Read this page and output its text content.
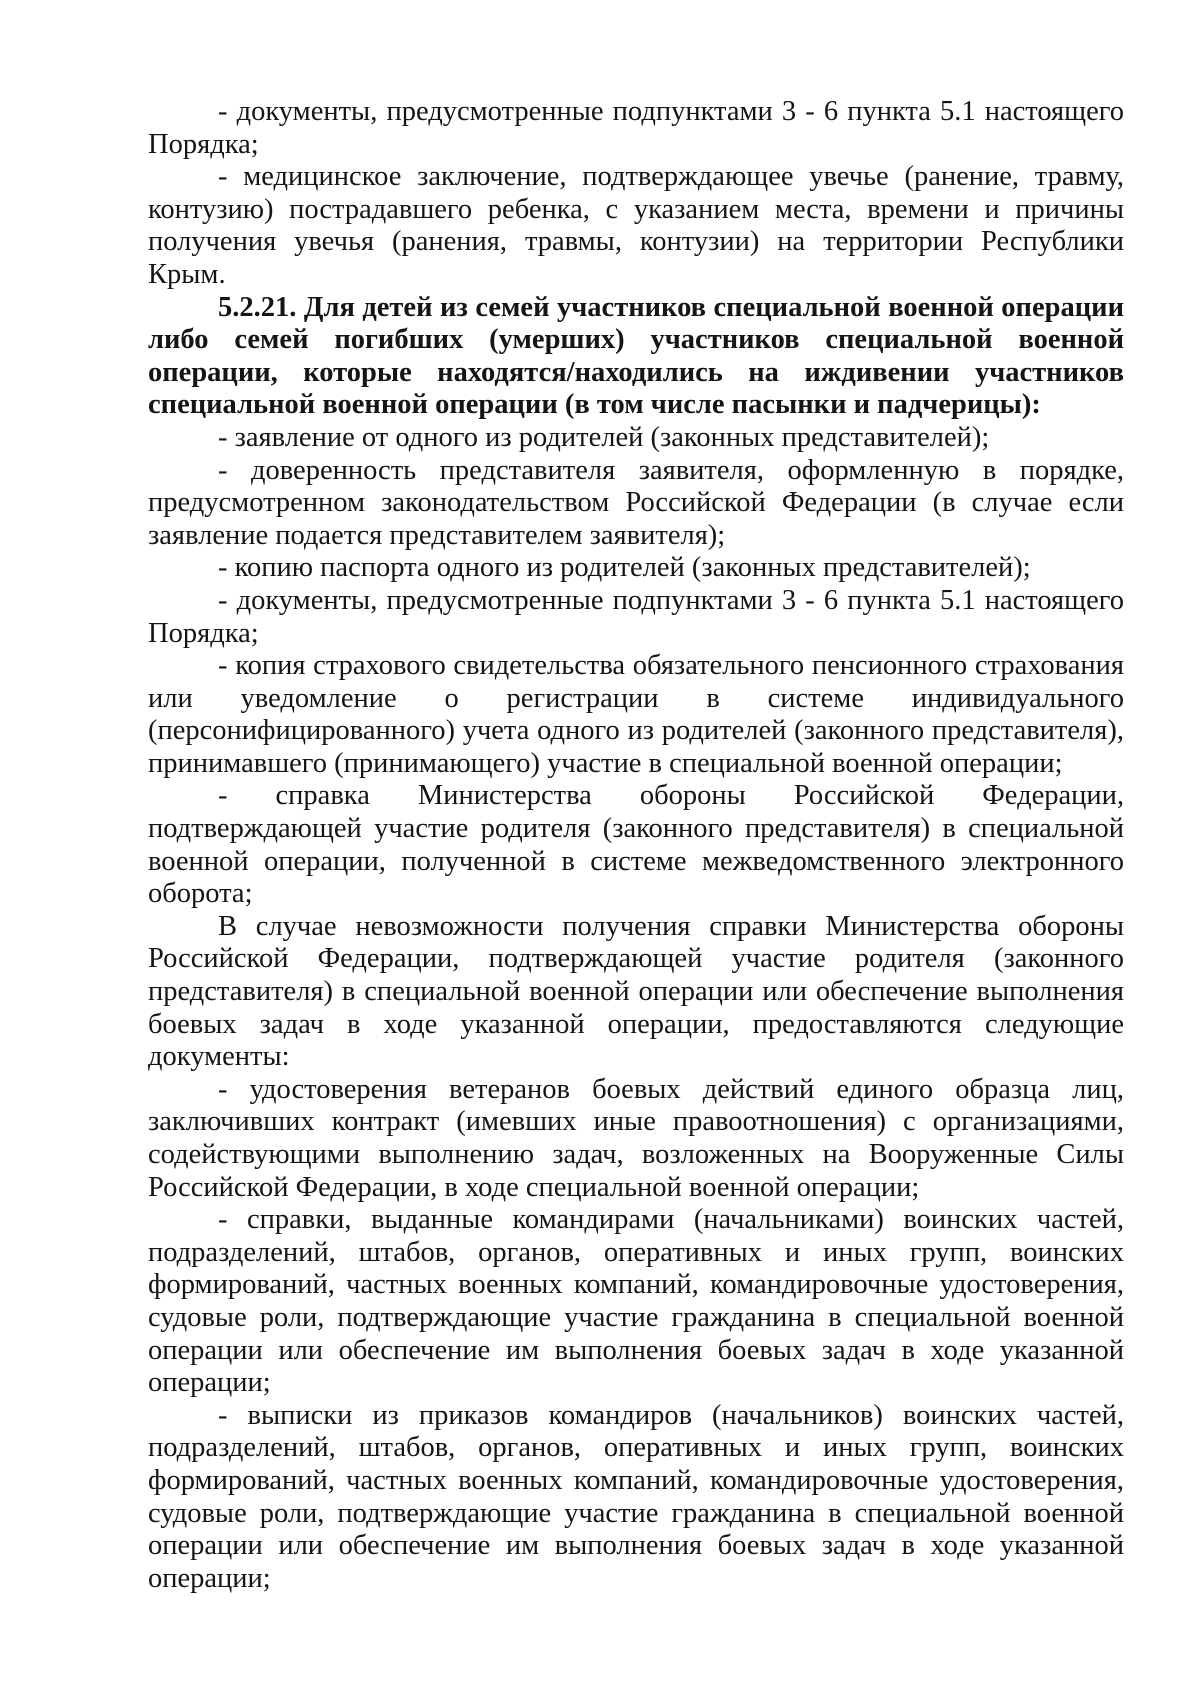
- документы, предусмотренные подпунктами 3 - 6 пункта 5.1 настоящего Порядка;

- медицинское заключение, подтверждающее увечье (ранение, травму, контузию) пострадавшего ребенка, с указанием места, времени и причины получения увечья (ранения, травмы, контузии) на территории Республики Крым.

5.2.21. Для детей из семей участников специальной военной операции либо семей погибших (умерших) участников специальной военной операции, которые находятся/находились на иждивении участников специальной военной операции (в том числе пасынки и падчерицы):

- заявление от одного из родителей (законных представителей);

- доверенность представителя заявителя, оформленную в порядке, предусмотренном законодательством Российской Федерации (в случае если заявление подается представителем заявителя);

- копию паспорта одного из родителей (законных представителей);

- документы, предусмотренные подпунктами 3 - 6 пункта 5.1 настоящего Порядка;

- копия страхового свидетельства обязательного пенсионного страхования или уведомление о регистрации в системе индивидуального (персонифицированного) учета одного из родителей (законного представителя), принимавшего (принимающего) участие в специальной военной операции;

- справка Министерства обороны Российской Федерации, подтверждающей участие родителя (законного представителя) в специальной военной операции, полученной в системе межведомственного электронного оборота;

В случае невозможности получения справки Министерства обороны Российской Федерации, подтверждающей участие родителя (законного представителя) в специальной военной операции или обеспечение выполнения боевых задач в ходе указанной операции, предоставляются следующие документы:

- удостоверения ветеранов боевых действий единого образца лиц, заключивших контракт (имевших иные правоотношения) с организациями, содействующими выполнению задач, возложенных на Вооруженные Силы Российской Федерации, в ходе специальной военной операции;

- справки, выданные командирами (начальниками) воинских частей, подразделений, штабов, органов, оперативных и иных групп, воинских формирований, частных военных компаний, командировочные удостоверения, судовые роли, подтверждающие участие гражданина в специальной военной операции или обеспечение им выполнения боевых задач в ходе указанной операции;

- выписки из приказов командиров (начальников) воинских частей, подразделений, штабов, органов, оперативных и иных групп, воинских формирований, частных военных компаний, командировочные удостоверения, судовые роли, подтверждающие участие гражданина в специальной военной операции или обеспечение им выполнения боевых задач в ходе указанной операции;
